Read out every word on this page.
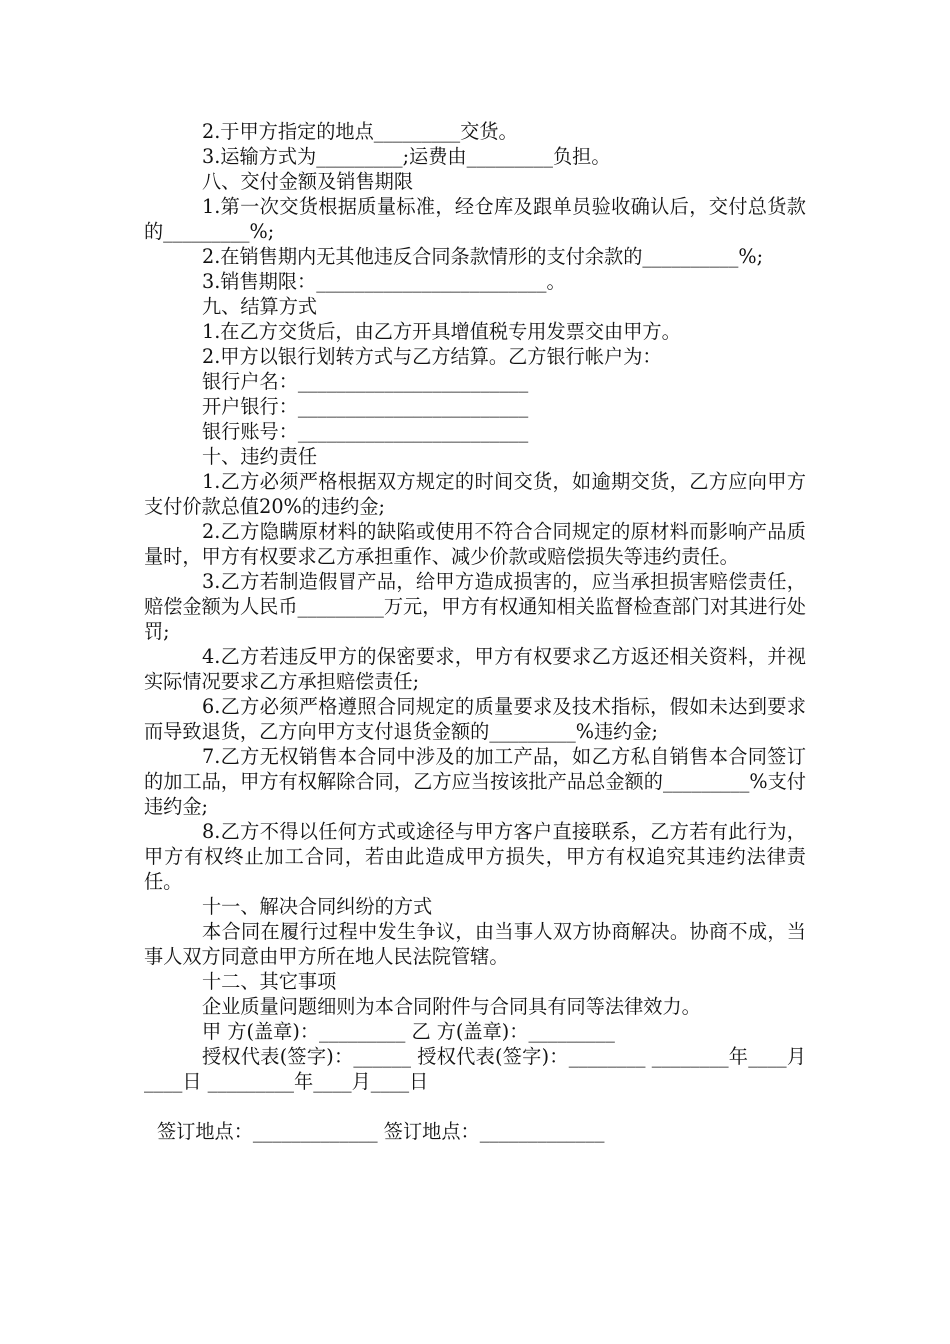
2.于甲方指定的地点_________交货。

3.运输方式为_________;运费由_________负担。

八、交付金额及销售期限

1.第一次交货根据质量标准，经仓库及跟单员验收确认后，交付总货款的_________%;

2.在销售期内无其他违反合同条款情形的支付余款的__________%;

3.销售期限：________________________。

九、结算方式

1.在乙方交货后，由乙方开具增值税专用发票交由甲方。

2.甲方以银行划转方式与乙方结算。乙方银行帐户为：

银行户名：________________________

开户银行：________________________

银行账号：________________________

十、违约责任

1.乙方必须严格根据双方规定的时间交货，如逾期交货，乙方应向甲方支付价款总值20%的违约金;

2.乙方隐瞒原材料的缺陷或使用不符合合同规定的原材料而影响产品质量时，甲方有权要求乙方承担重作、减少价款或赔偿损失等违约责任。

3.乙方若制造假冒产品，给甲方造成损害的，应当承担损害赔偿责任，赔偿金额为人民币_________万元，甲方有权通知相关监督检查部门对其进行处罚;

4.乙方若违反甲方的保密要求，甲方有权要求乙方返还相关资料，并视实际情况要求乙方承担赔偿责任;

6.乙方必须严格遵照合同规定的质量要求及技术指标，假如未达到要求而导致退货，乙方向甲方支付退货金额的_________%违约金;

7.乙方无权销售本合同中涉及的加工产品，如乙方私自销售本合同签订的加工品，甲方有权解除合同，乙方应当按该批产品总金额的_________%支付违约金;

8.乙方不得以任何方式或途径与甲方客户直接联系，乙方若有此行为，甲方有权终止加工合同，若由此造成甲方损失，甲方有权追究其违约法律责任。

十一、解决合同纠纷的方式

本合同在履行过程中发生争议，由当事人双方协商解决。协商不成，当事人双方同意由甲方所在地人民法院管辖。

十二、其它事项

企业质量问题细则为本合同附件与合同具有同等法律效力。

甲 方(盖章)：_________ 乙 方(盖章)：_________

授权代表(签字)：______ 授权代表(签字)：________ ________年____月____日 _________年____月____日

签订地点：_____________ 签订地点：_____________
